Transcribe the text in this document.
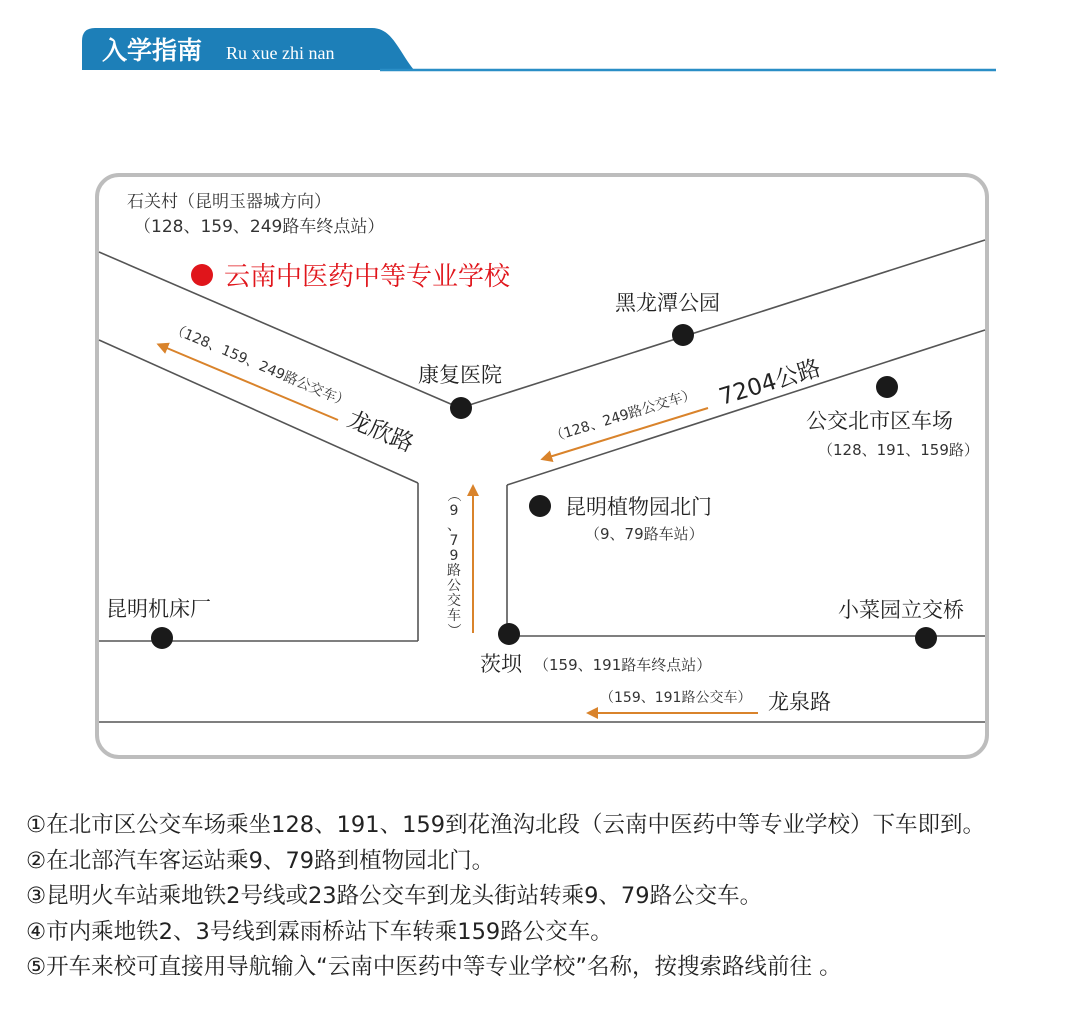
入学指南 Ru xue zhi nan
石关村（昆明玉器城方向）
（128、159、249路车终点站）
云南中医药中等专业学校
黑龙潭公园
康复医院
公交北市区车场
（128、191、159路）
昆明植物园北门
（9、79路车站）
昆明机床厂	小菜园立交桥
茨坝 （159、191路车终点站）
龙欣路
7204公路
龙泉路
（128、159、249路公交车）
（128、249路公交车）
（159、191路公交车）
（
9
、
7
9
路
公
交
车
）
①在北市区公交车场乘坐128、191、159到花渔沟北段（云南中医药中等专业学校）下车即到。
②在北部汽车客运站乘9、79路到植物园北门。
③昆明火车站乘地铁2号线或23路公交车到龙头街站转乘9、79路公交车。
④市内乘地铁2、3号线到霖雨桥站下车转乘159路公交车。
⑤开车来校可直接用导航输入“云南中医药中等专业学校”名称，按搜索路线前往 。
